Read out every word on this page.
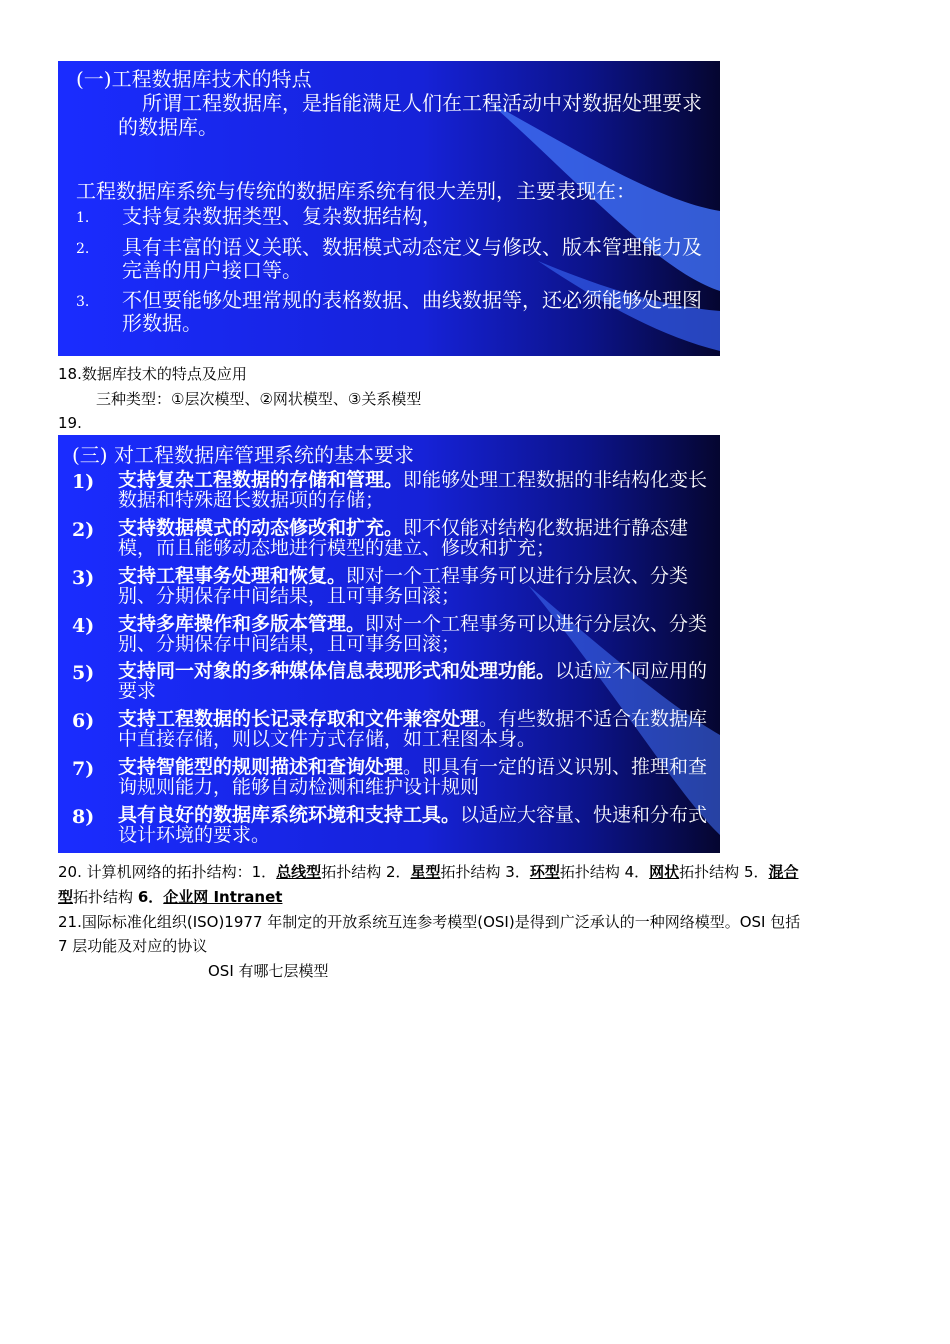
(一)工程数据库技术的特点
所谓工程数据库，是指能满足人们在工程活动中对数据处理要求的数据库。
工程数据库系统与传统的数据库系统有很大差别，主要表现在：
1. 支持复杂数据类型、复杂数据结构，
2. 具有丰富的语义关联、数据模式动态定义与修改、版本管理能力及完善的用户接口等。
3. 不但要能够处理常规的表格数据、曲线数据等，还必须能够处理图形数据。
18.数据库技术的特点及应用
三种类型：①层次模型、②网状模型、③关系模型
19.
(三) 对工程数据库管理系统的基本要求
1) 支持复杂工程数据的存储和管理。即能够处理工程数据的非结构化变长数据和特殊超长数据项的存储；
2) 支持数据模式的动态修改和扩充。即不仅能对结构化数据进行静态建模，而且能够动态地进行模型的建立、修改和扩充；
3) 支持工程事务处理和恢复。即对一个工程事务可以进行分层次、分类别、分期保存中间结果，且可事务回滚；
4) 支持多库操作和多版本管理。即对一个工程事务可以进行分层次、分类别、分期保存中间结果，且可事务回滚；
5) 支持同一对象的多种媒体信息表现形式和处理功能。以适应不同应用的要求
6) 支持工程数据的长记录存取和文件兼容处理。有些数据不适合在数据库中直接存储，则以文件方式存储，如工程图本身。
7) 支持智能型的规则描述和查询处理。即具有一定的语义识别、推理和查询规则能力，能够自动检测和维护设计规则
8) 具有良好的数据库系统环境和支持工具。以适应大容量、快速和分布式设计环境的要求。
20. 计算机网络的拓扑结构：1．总线型拓扑结构 2．星型拓扑结构 3．环型拓扑结构 4．网状拓扑结构 5．混合
型拓扑结构 6．企业网 Intranet
21.国际标准化组织(ISO)1977 年制定的开放系统互连参考模型(OSI)是得到广泛承认的一种网络模型。OSI 包括
7 层功能及对应的协议
OSI 有哪七层模型
